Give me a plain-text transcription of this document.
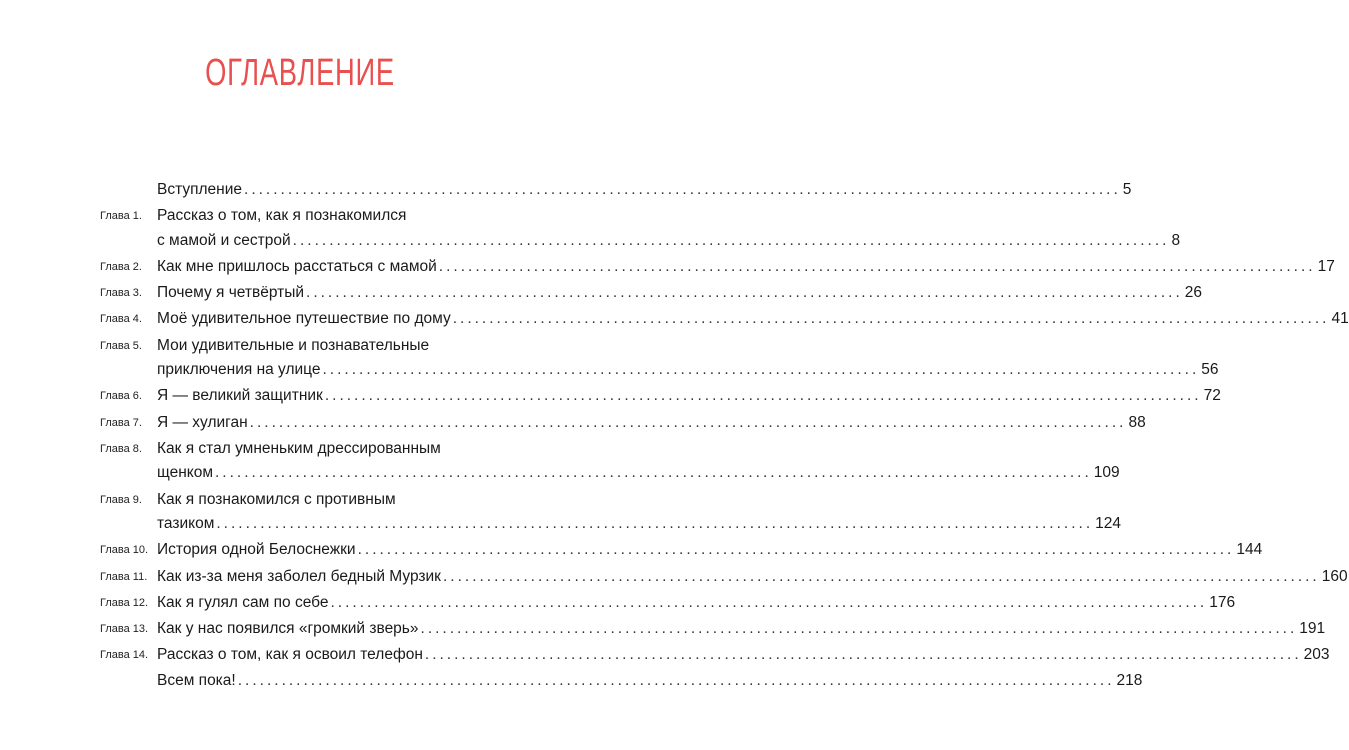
ОГЛАВЛЕНИЕ
Вступление ........................................................................................................................ 5
Глава 1. Рассказ о том, как я познакомился
с мамой и сестрой ........................................................................................................................ 8
Глава 2. Как мне пришлось расстаться с мамой ........................................................................................................................ 17
Глава 3. Почему я четвёртый ........................................................................................................................ 26
Глава 4. Моё удивительное путешествие по дому ........................................................................................................................ 41
Глава 5. Мои удивительные и познавательные
приключения на улице ........................................................................................................................ 56
Глава 6. Я — великий защитник ........................................................................................................................ 72
Глава 7. Я — хулиган ........................................................................................................................ 88
Глава 8. Как я стал умненьким дрессированным
щенком ........................................................................................................................ 109
Глава 9. Как я познакомился с противным
тазиком ........................................................................................................................ 124
Глава 10. История одной Белоснежки ........................................................................................................................ 144
Глава 11. Как из-за меня заболел бедный Мурзик ........................................................................................................................ 160
Глава 12. Как я гулял сам по себе ........................................................................................................................ 176
Глава 13. Как у нас появился «громкий зверь» ........................................................................................................................ 191
Глава 14. Рассказ о том, как я освоил телефон ........................................................................................................................ 203
Всем пока! ........................................................................................................................ 218
